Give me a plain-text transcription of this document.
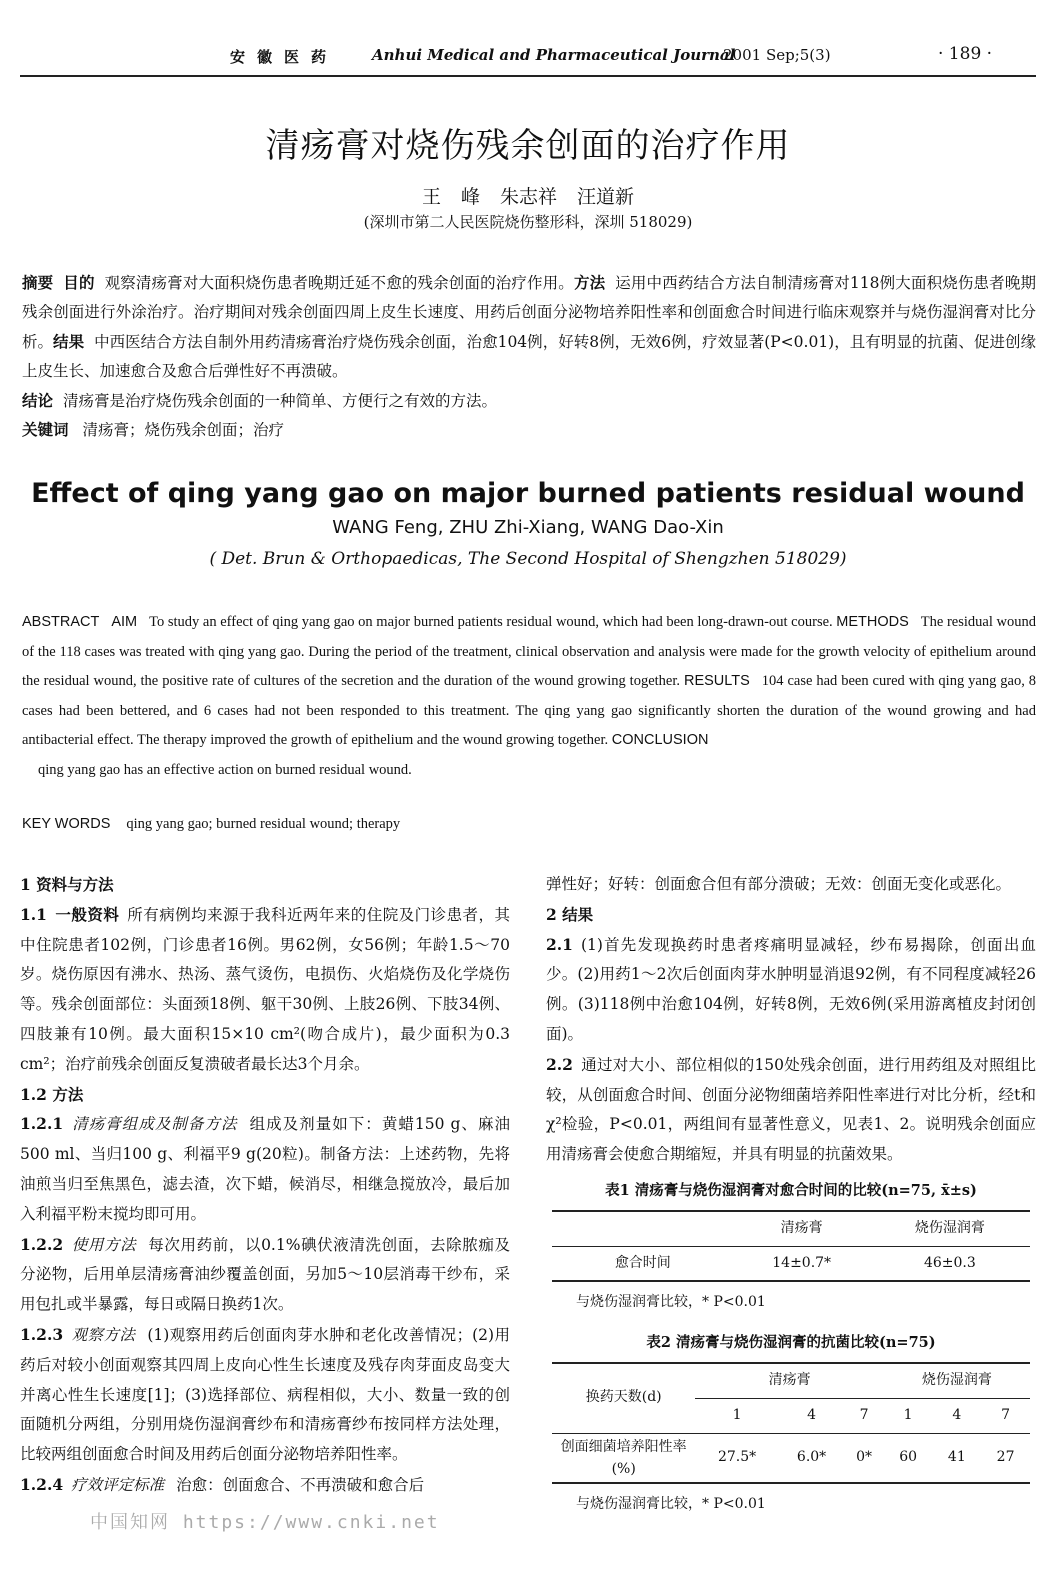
安徽医药 Anhui Medical and Pharmaceutical Journal
2001 Sep;5(3)	· 189 ·
清疡膏对烧伤残余创面的治疗作用
王 峰 朱志祥 汪道新
(深圳市第二人民医院烧伤整形科，深圳 518029)
摘要 目的 观察清疡膏对大面积烧伤患者晚期迁延不愈的残余创面的治疗作用。方法 运用中西药结合方法自制清疡膏对118例大面积烧伤患者晚期残余创面进行外涂治疗。治疗期间对残余创面四周上皮生长速度、用药后创面分泌物培养阳性率和创面愈合时间进行临床观察并与烧伤湿润膏对比分析。结果 中西医结合方法自制外用药清疡膏治疗烧伤残余创面，治愈104例，好转8例，无效6例，疗效显著(P<0.01)，且有明显的抗菌、促进创缘上皮生长、加速愈合及愈合后弹性好不再溃破。
结论 清疡膏是治疗烧伤残余创面的一种简单、方便行之有效的方法。
关键词 清疡膏；烧伤残余创面；治疗
Effect of qing yang gao on major burned patients residual wound
WANG Feng, ZHU Zhi-Xiang, WANG Dao-Xin
( Det. Brun & Orthopaedicas, The Second Hospital of Shengzhen 518029)
ABSTRACT AIM To study an effect of qing yang gao on major burned patients residual wound, which had been long-drawn-out course. METHODS The residual wound of the 118 cases was treated with qing yang gao. During the period of the treatment, clinical observation and analysis were made for the growth velocity of epithelium around the residual wound, the positive rate of cultures of the secretion and the duration of the wound growing together. RESULTS 104 case had been cured with qing yang gao, 8 cases had been bettered, and 6 cases had not been responded to this treatment. The qing yang gao significantly shorten the duration of the wound growing and had antibacterial effect. The therapy improved the growth of epithelium and the wound growing together. CONCLUSION
qing yang gao has an effective action on burned residual wound.
KEY WORDS qing yang gao; burned residual wound; therapy

1 资料与方法

1.1 一般资料 所有病例均来源于我科近两年来的住院及门诊患者，其中住院患者102例，门诊患者16例。男62例，女56例；年龄1.5～70岁。烧伤原因有沸水、热汤、蒸气烫伤，电损伤、火焰烧伤及化学烧伤等。残余创面部位：头面颈18例、躯干30例、上肢26例、下肢34例、四肢兼有10例。最大面积15×10 cm²(吻合成片)，最少面积为0.3 cm²；治疗前残余创面反复溃破者最长达3个月余。

1.2 方法

1.2.1 清疡膏组成及制备方法 组成及剂量如下：黄蜡150 g、麻油500 ml、当归100 g、利福平9 g(20粒)。制备方法：上述药物，先将油煎当归至焦黑色，滤去渣，次下蜡，候消尽，相继急搅放冷，最后加入利福平粉末搅均即可用。

1.2.2 使用方法 每次用药前，以0.1%碘伏液清洗创面，去除脓痂及分泌物，后用单层清疡膏油纱覆盖创面，另加5～10层消毒干纱布，采用包扎或半暴露，每日或隔日换药1次。

1.2.3 观察方法 (1)观察用药后创面肉芽水肿和老化改善情况；(2)用药后对较小创面观察其四周上皮向心性生长速度及残存肉芽面皮岛变大并离心性生长速度[1]；(3)选择部位、病程相似，大小、数量一致的创面随机分两组，分别用烧伤湿润膏纱布和清疡膏纱布按同样方法处理，比较两组创面愈合时间及用药后创面分泌物培养阳性率。

1.2.4 疗效评定标准 治愈：创面愈合、不再溃破和愈合后

弹性好；好转：创面愈合但有部分溃破；无效：创面无变化或恶化。

2 结果

2.1 (1)首先发现换药时患者疼痛明显减轻，纱布易揭除，创面出血少。(2)用药1～2次后创面肉芽水肿明显消退92例，有不同程度减轻26例。(3)118例中治愈104例，好转8例，无效6例(采用游离植皮封闭创面)。

2.2 通过对大小、部位相似的150处残余创面，进行用药组及对照组比较，从创面愈合时间、创面分泌物细菌培养阳性率进行对比分析，经t和χ²检验，P<0.01，两组间有显著性意义，见表1、2。说明残余创面应用清疡膏会使愈合期缩短，并具有明显的抗菌效果。

表1 清疡膏与烧伤湿润膏对愈合时间的比较(n=75, x̄±s)
	清疡膏	烧伤湿润膏
愈合时间	14±0.7*	46±0.3
与烧伤湿润膏比较，* P<0.01
表2 清疡膏与烧伤湿润膏的抗菌比较(n=75)
换药天数(d)	清疡膏			烧伤湿润膏		
	1	4	7	1	4	7
创面细菌培养阳性率(%)	27.5*	6.0*	0*	60	41	27
与烧伤湿润膏比较，* P<0.01
中国知网 https://www.cnki.net
